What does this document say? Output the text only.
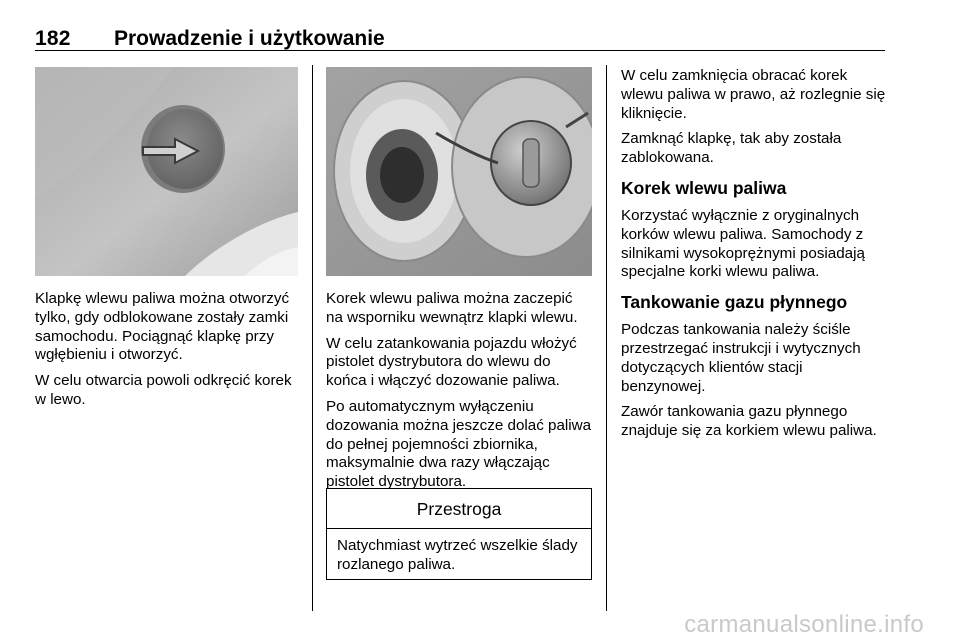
182 Prowadzenie i użytkowanie

Klapkę wlewu paliwa można otworzyć tylko, gdy odblokowane zostały zamki samochodu. Pociągnąć klapkę przy wgłębieniu i otworzyć.

W celu otwarcia powoli odkręcić korek w lewo.

Korek wlewu paliwa można zaczepić na wsporniku wewnątrz klapki wlewu.

W celu zatankowania pojazdu włożyć pistolet dystrybutora do wlewu do końca i włączyć dozowanie paliwa.

Po automatycznym wyłączeniu dozowania można jeszcze dolać paliwa do pełnej pojemności zbiornika, maksymalnie dwa razy włączając pistolet dystrybutora.

Przestroga
Natychmiast wytrzeć wszelkie ślady rozlanego paliwa.

W celu zamknięcia obracać korek wlewu paliwa w prawo, aż rozlegnie się kliknięcie.

Zamknąć klapkę, tak aby została zablokowana.

Korek wlewu paliwa

Korzystać wyłącznie z oryginalnych korków wlewu paliwa. Samochody z silnikami wysokoprężnymi posiadają specjalne korki wlewu paliwa.

Tankowanie gazu płynnego

Podczas tankowania należy ściśle przestrzegać instrukcji i wytycznych dotyczących klientów stacji benzynowej.

Zawór tankowania gazu płynnego znajduje się za korkiem wlewu paliwa.

carmanualsonline.info
